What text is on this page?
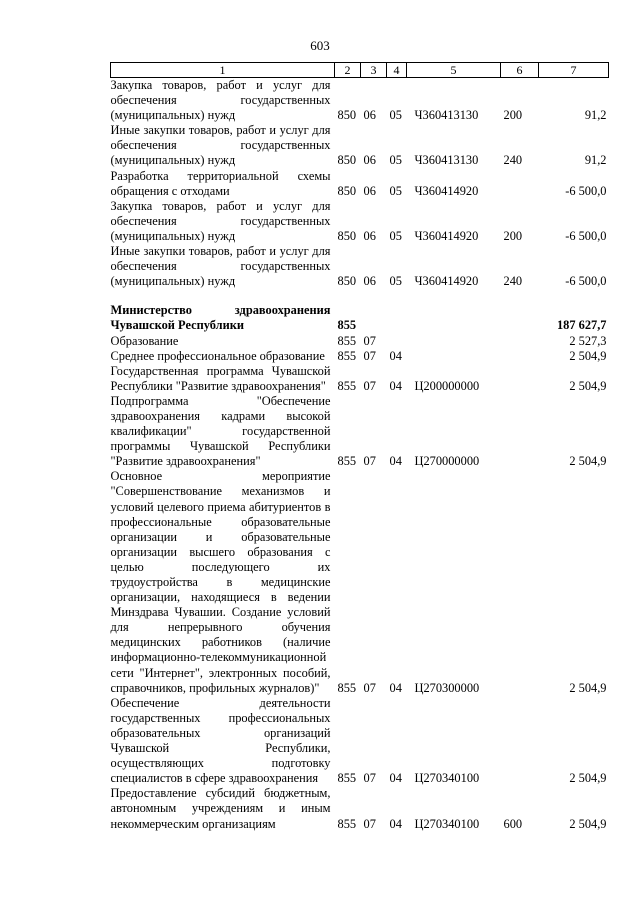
603
1	2	3	4	5	6	7
Закупка товаров, работ и услуг для обеспечения государственных (муниципальных) нужд	850	06	05	Ч360413130	200	91,2
Иные закупки товаров, работ и услуг для обеспечения государственных (муниципальных) нужд	850	06	05	Ч360413130	240	91,2
Разработка территориальной схемы обращения с отходами	850	06	05	Ч360414920		-6 500,0
Закупка товаров, работ и услуг для обеспечения государственных (муниципальных) нужд	850	06	05	Ч360414920	200	-6 500,0
Иные закупки товаров, работ и услуг для обеспечения государственных (муниципальных) нужд	850	06	05	Ч360414920	240	-6 500,0

Министерство здравоохранения Чувашской Республики	855					187 627,7
Образование	855	07				2 527,3
Среднее профессиональное образование	855	07	04			2 504,9
Государственная программа Чувашской Республики "Развитие здравоохранения"	855	07	04	Ц200000000		2 504,9
Подпрограмма "Обеспечение здравоохранения кадрами высокой квалификации" государственной программы Чувашской Республики "Развитие здравоохранения"	855	07	04	Ц270000000		2 504,9
Основное мероприятие "Совершенствование механизмов и условий целевого приема абитуриентов в профессиональные образовательные организации и образовательные организации высшего образования с целью последующего их трудоустройства в медицинские организации, находящиеся в ведении Минздрава Чувашии. Создание условий для непрерывного обучения медицинских работников (наличие информационно-телекоммуникационной сети "Интернет", электронных пособий, справочников, профильных журналов)"	855	07	04	Ц270300000		2 504,9
Обеспечение деятельности государственных профессиональных образовательных организаций Чувашской Республики, осуществляющих подготовку специалистов в сфере здравоохранения	855	07	04	Ц270340100		2 504,9
Предоставление субсидий бюджетным, автономным учреждениям и иным некоммерческим организациям	855	07	04	Ц270340100	600	2 504,9
